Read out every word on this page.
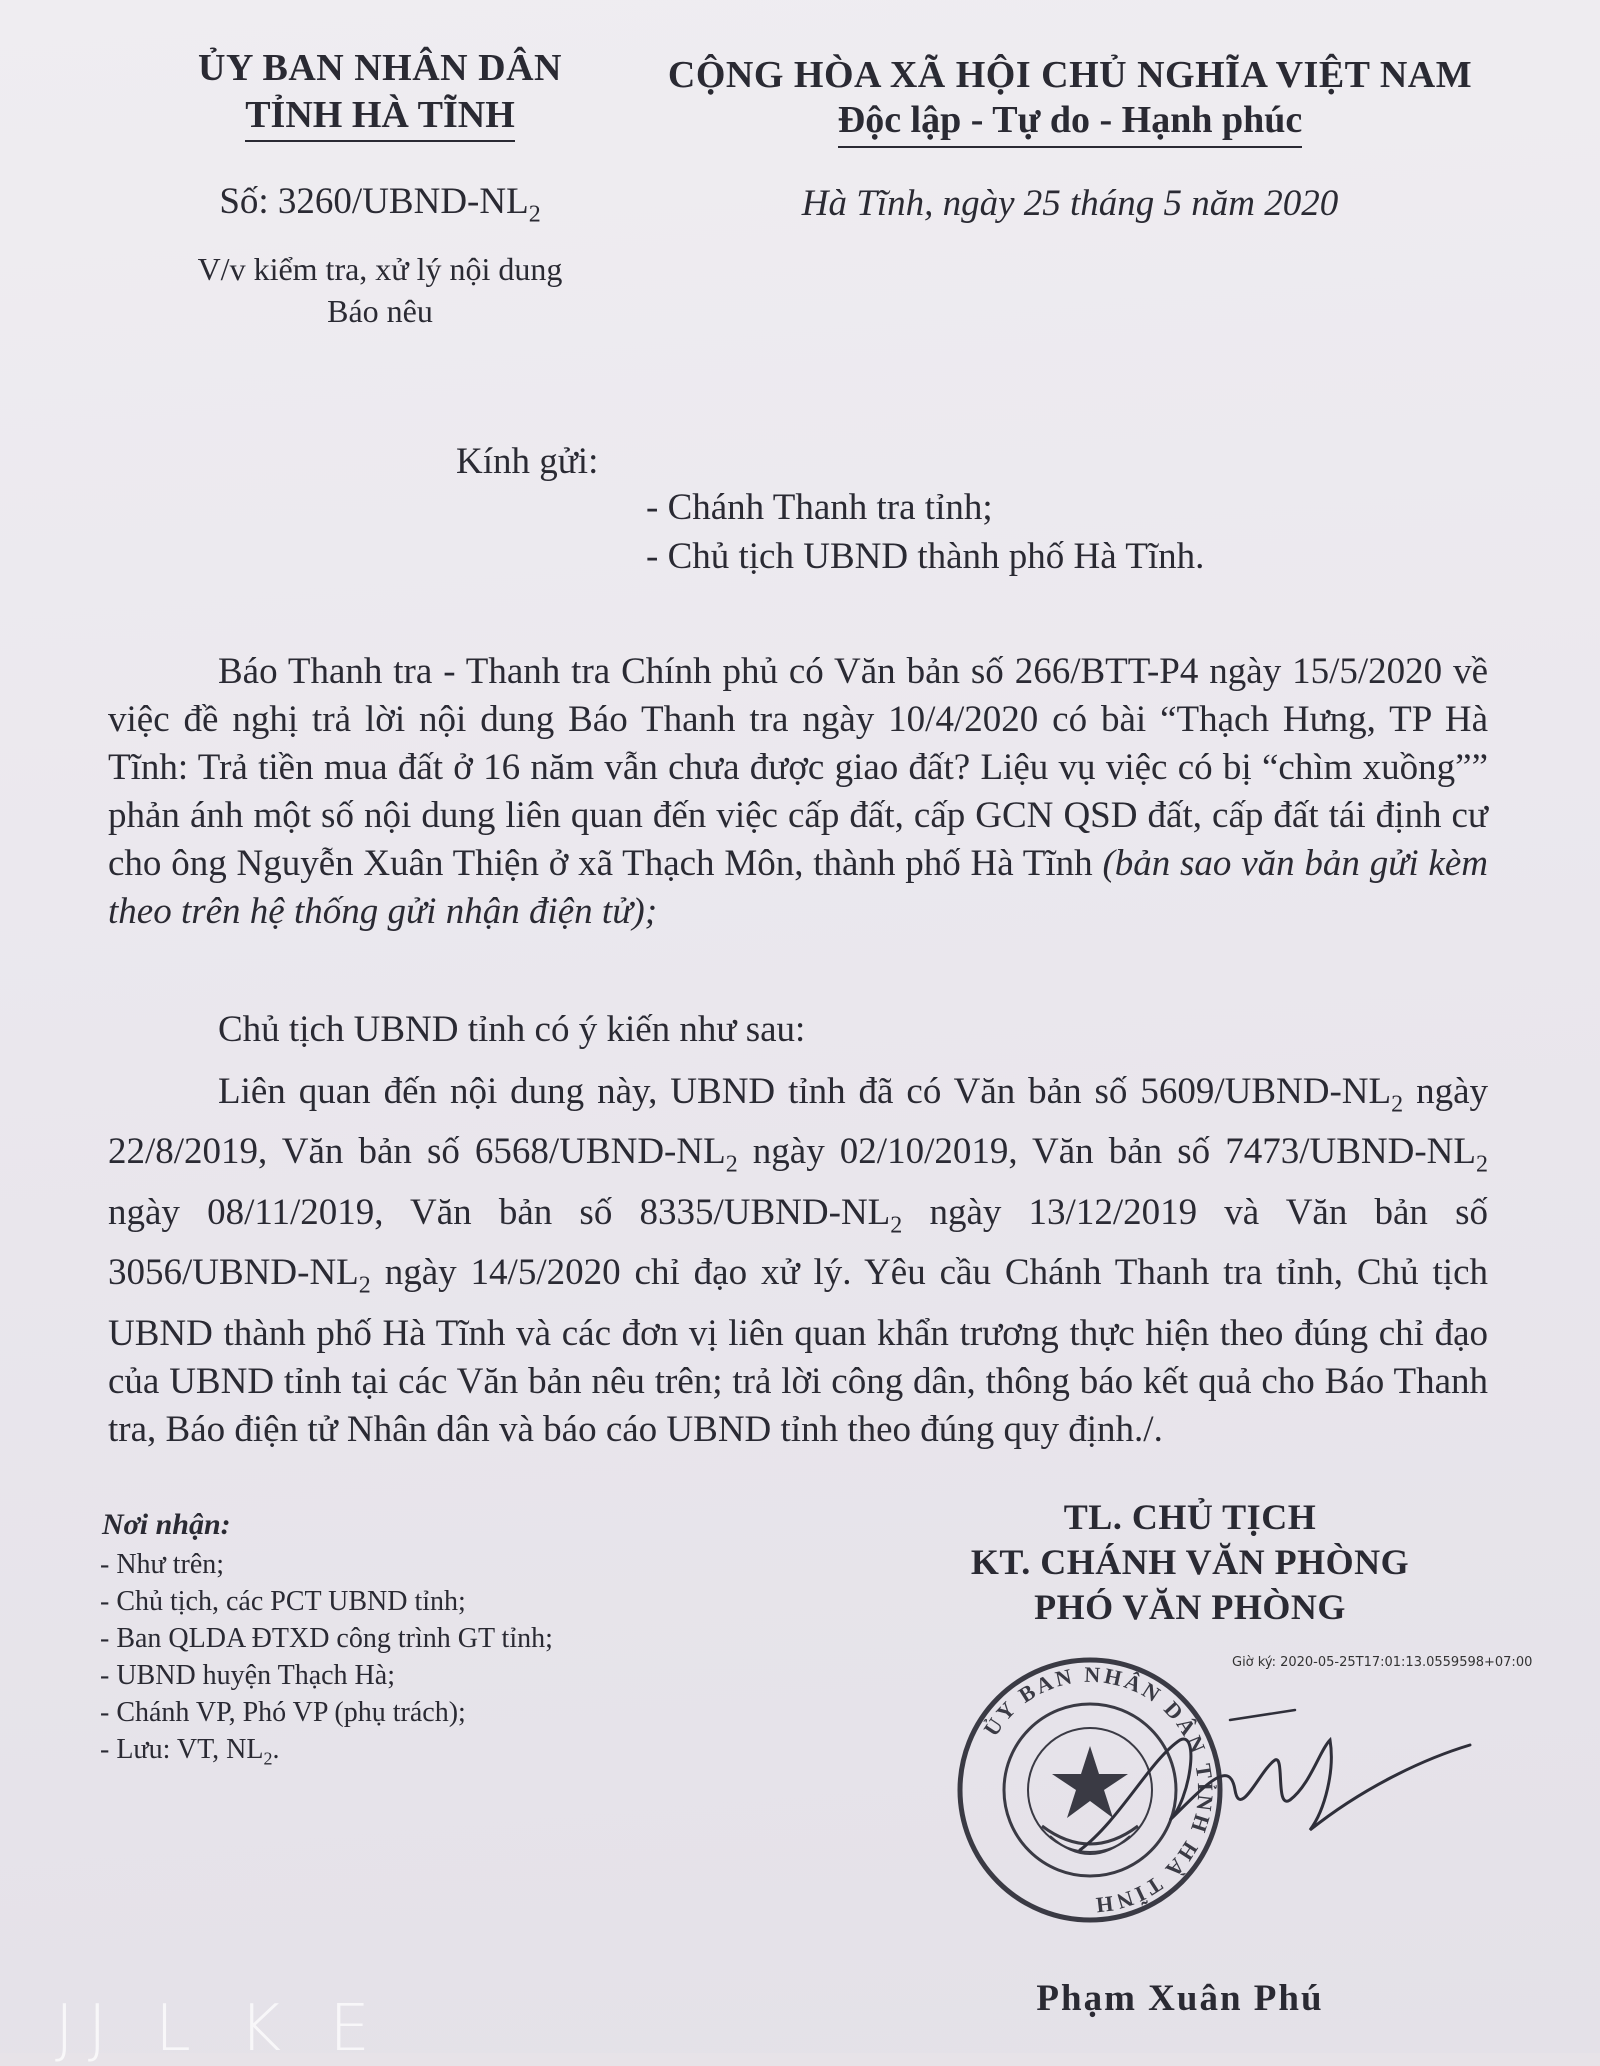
ỦY BAN NHÂN DÂN
TỈNH HÀ TĨNH
CỘNG HÒA XÃ HỘI CHỦ NGHĨA VIỆT NAM
Độc lập - Tự do - Hạnh phúc
Số: $3260/UBND-NL_2$
V/v kiểm tra, xử lý nội dung
Báo nêu
Hà Tĩnh, ngày 25 tháng 5 năm 2020
Kính gửi:
- Chánh Thanh tra tỉnh;
- Chủ tịch UBND thành phố Hà Tĩnh.
Báo Thanh tra - Thanh tra Chính phủ có Văn bản số 266/BTT-P4 ngày 15/5/2020 về việc đề nghị trả lời nội dung Báo Thanh tra ngày 10/4/2020 có bài “Thạch Hưng, TP Hà Tĩnh: Trả tiền mua đất ở 16 năm vẫn chưa được giao đất? Liệu vụ việc có bị “chìm xuồng”” phản ánh một số nội dung liên quan đến việc cấp đất, cấp GCN QSD đất, cấp đất tái định cư cho ông Nguyễn Xuân Thiện ở xã Thạch Môn, thành phố Hà Tĩnh (bản sao văn bản gửi kèm theo trên hệ thống gửi nhận điện tử);
Chủ tịch UBND tỉnh có ý kiến như sau:
Liên quan đến nội dung này, UBND tỉnh đã có Văn bản số $5609/UBND-NL_2$ ngày 22/8/2019, Văn bản số $6568/UBND-NL_2$ ngày 02/10/2019, Văn bản số $7473/UBND-NL_2$ ngày 08/11/2019, Văn bản số $8335/UBND-NL_2$ ngày 13/12/2019 và Văn bản số $3056/UBND-NL_2$ ngày 14/5/2020 chỉ đạo xử lý. Yêu cầu Chánh Thanh tra tỉnh, Chủ tịch UBND thành phố Hà Tĩnh và các đơn vị liên quan khẩn trương thực hiện theo đúng chỉ đạo của UBND tỉnh tại các Văn bản nêu trên; trả lời công dân, thông báo kết quả cho Báo Thanh tra, Báo điện tử Nhân dân và báo cáo UBND tỉnh theo đúng quy định./.
Nơi nhận:
- Như trên;
- Chủ tịch, các PCT UBND tỉnh;
- Ban QLDA ĐTXD công trình GT tỉnh;
- UBND huyện Thạch Hà;
- Chánh VP, Phó VP (phụ trách);
- Lưu: VT, $NL_2$.
TL. CHỦ TỊCH
KT. CHÁNH VĂN PHÒNG
PHÓ VĂN PHÒNG
Giờ ký: 2020-05-25T17:01:13.0559598+07:00
ỦY BAN NHÂN DÂN TỈNH HÀ TĨNH
Phạm Xuân Phú
JJ L K E
